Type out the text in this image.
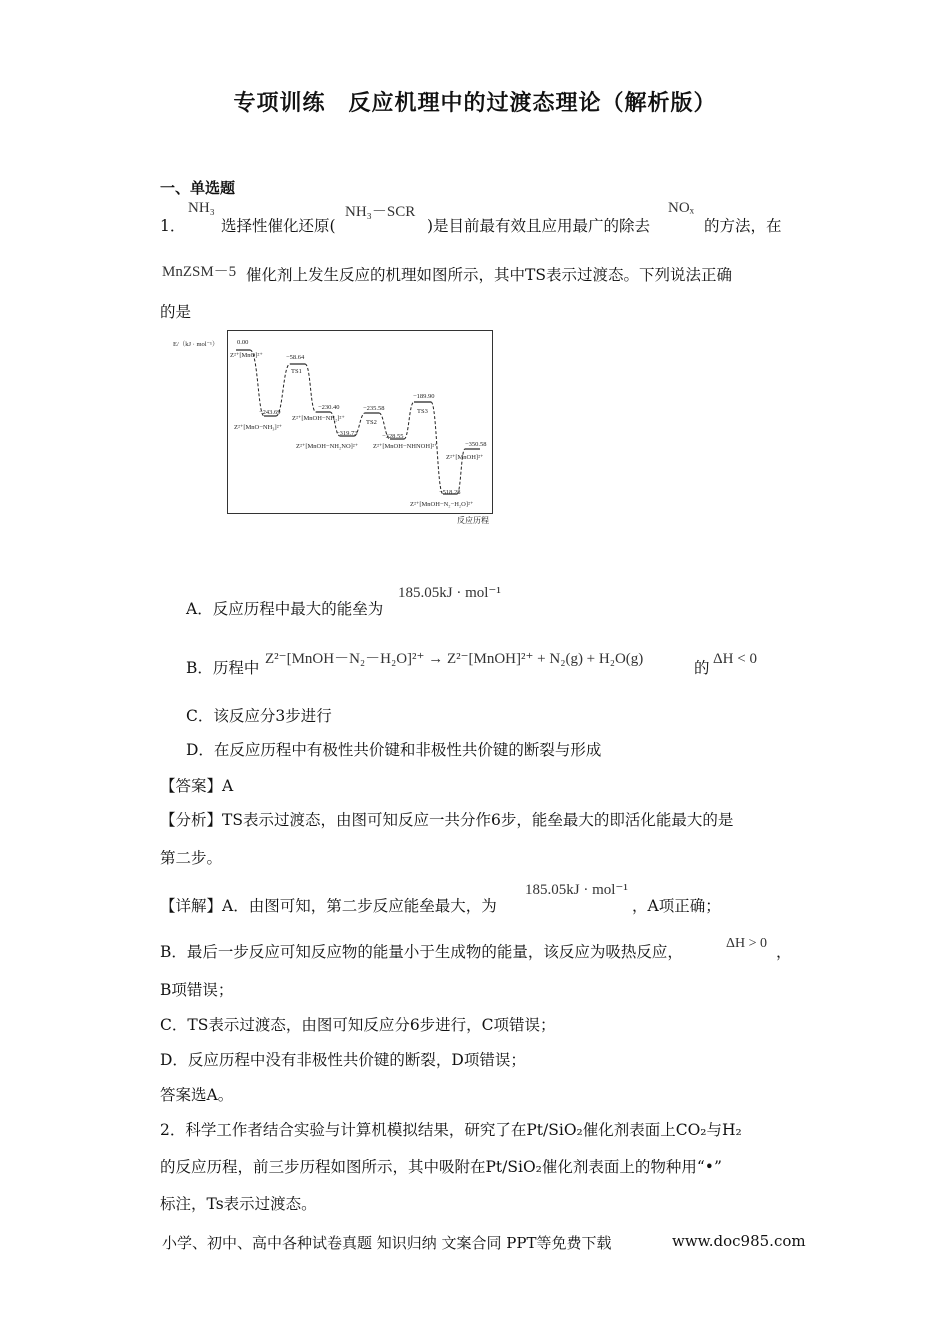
专项训练　反应机理中的过渡态理论（解析版）
一、单选题
1．
NH₃
选择性催化还原(
NH₃－SCR
)是目前最有效且应用最广的除去
NOₓ
的方法，在
MnZSM－5 催化剂上发生反应的机理如图所示，其中TS表示过渡态。下列说法正确
的是
E/（kJ · mol⁻¹）	0.00
Z²⁺[MnO]²⁺	−58.64
TS1
−243.69
Z²⁺[MnO−NH₃]²⁺
−230.40
Z²⁺[MnOH−NH₂]²⁺
−235.58
TS2
−319.73
Z²⁺[MnOH−NH₂NO]²⁺
−328.55
Z²⁺[MnOH−NHNOH]²⁺
−189.90
TS3
−518.28
Z²⁺[MnOH−N₂−H₂O]²⁺
−350.58
Z²⁺[MnOH]²⁺
反应历程
A．反应历程中最大的能垒为
185.05kJ · mol⁻¹
B．历程中 Z²⁻[MnOH－N₂－H₂O]²⁺ → Z²⁻[MnOH]²⁺ + N₂(g) + H₂O(g)	的 ΔH < 0
C．该反应分3步进行
D．在反应历程中有极性共价键和非极性共价键的断裂与形成
【答案】A
【分析】TS表示过渡态，由图可知反应一共分作6步，能垒最大的即活化能最大的是
第二步。
【详解】A．由图可知，第二步反应能垒最大，为
185.05kJ · mol⁻¹
，A项正确；
B．最后一步反应可知反应物的能量小于生成物的能量，该反应为吸热反应，	ΔH > 0 ，
B项错误；
C．TS表示过渡态，由图可知反应分6步进行，C项错误；
D．反应历程中没有非极性共价键的断裂，D项错误；
答案选A。
2．科学工作者结合实验与计算机模拟结果，研究了在Pt/SiO₂催化剂表面上CO₂与H₂
的反应历程，前三步历程如图所示，其中吸附在Pt/SiO₂催化剂表面上的物种用“•”
标注，Ts表示过渡态。
小学、初中、高中各种试卷真题 知识归纳 文案合同 PPT等免费下载	www.doc985.com
